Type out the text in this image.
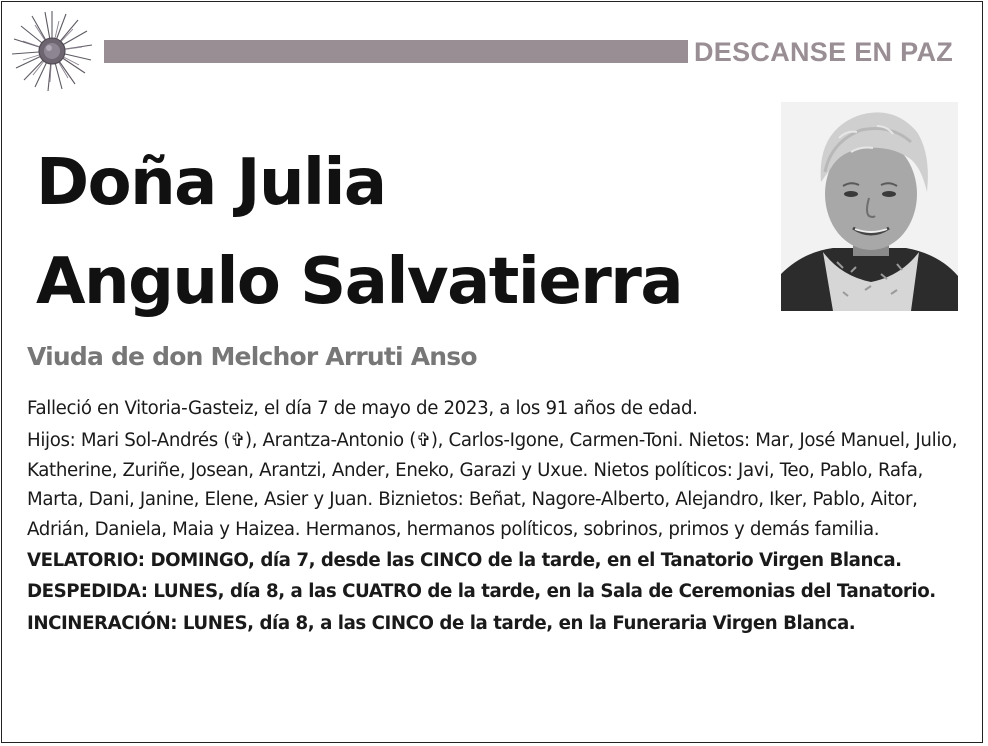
DESCANSE EN PAZ
Doña Julia
Angulo Salvatierra
Viuda de don Melchor Arruti Anso

Falleció en Vitoria-Gasteiz, el día 7 de mayo de 2023, a los 91 años de edad.

Hijos: Mari Sol-Andrés (✞), Arantza-Antonio (✞), Carlos-Igone, Carmen-Toni. Nietos: Mar, José Manuel, Julio, Katherine, Zuriñe, Josean, Arantzi, Ander, Eneko, Garazi y Uxue. Nietos políticos: Javi, Teo, Pablo, Rafa, Marta, Dani, Janine, Elene, Asier y Juan. Biznietos: Beñat, Nagore-Alberto, Alejandro, Iker, Pablo, Aitor, Adrián, Daniela, Maia y Haizea. Hermanos, hermanos políticos, sobrinos, primos y demás familia.

VELATORIO: DOMINGO, día 7, desde las CINCO de la tarde, en el Tanatorio Virgen Blanca.

DESPEDIDA: LUNES, día 8, a las CUATRO de la tarde, en la Sala de Ceremonias del Tanatorio.

INCINERACIÓN: LUNES, día 8, a las CINCO de la tarde, en la Funeraria Virgen Blanca.
